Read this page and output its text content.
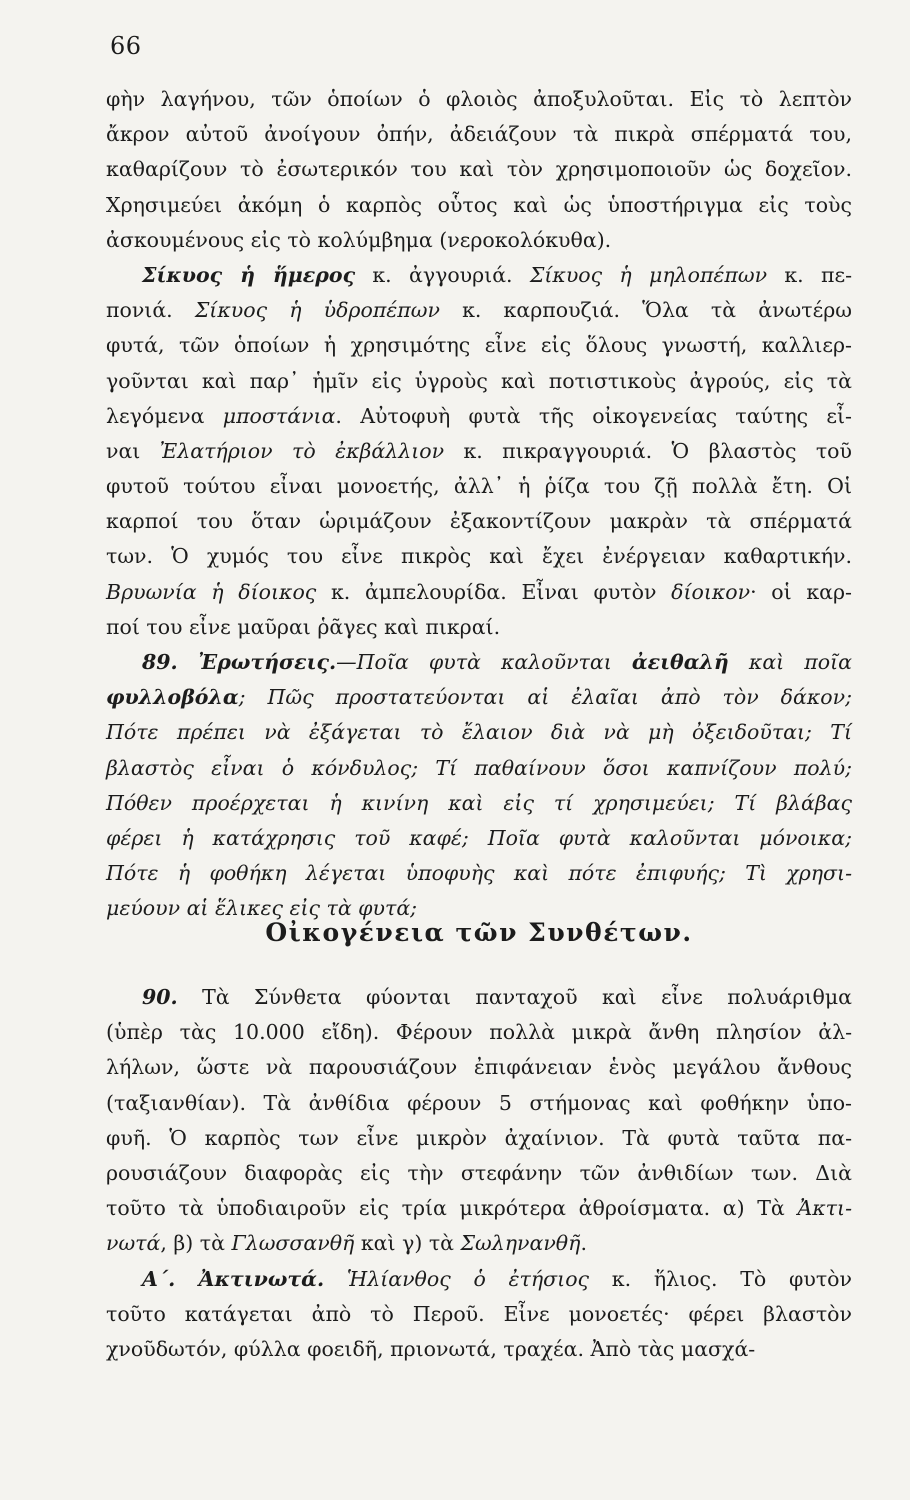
66
φὴν λαγήνου, τῶν ὁποίων ὁ φλοιὸς ἀποξυλοῦται. Εἰς τὸ λεπτὸν
ἄκρον αὐτοῦ ἀνοίγουν ὀπήν, ἀδειάζουν τὰ πικρὰ σπέρματά του,
καθαρίζουν τὸ ἐσωτερικόν του καὶ τὸν χρησιμοποιοῦν ὡς δοχεῖον.
Χρησιμεύει ἀκόμη ὁ καρπὸς οὗτος καὶ ὡς ὑποστήριγμα εἰς τοὺς
ἀσκουμένους εἰς τὸ κολύμβημα (νεροκολόκυθα).
Σίκυος ἡ ἥμερος κ. ἀγγουριά. Σίκυος ἡ μηλοπέπων κ. πε-
πονιά. Σίκυος ἡ ὑδροπέπων κ. καρπουζιά. Ὅλα τὰ ἀνωτέρω
φυτά, τῶν ὁποίων ἡ χρησιμότης εἶνε εἰς ὅλους γνωστή, καλλιερ-
γοῦνται καὶ παρ᾽ ἡμῖν εἰς ὑγροὺς καὶ ποτιστικοὺς ἀγρούς, εἰς τὰ
λεγόμενα μποστάνια. Αὐτοφυὴ φυτὰ τῆς οἰκογενείας ταύτης εἶ-
ναι Ἐλατήριον τὸ ἐκβάλλιον κ. πικραγγουριά. Ὁ βλαστὸς τοῦ
φυτοῦ τούτου εἶναι μονοετής, ἀλλ᾽ ἡ ῥίζα του ζῇ πολλὰ ἔτη. Οἱ
καρποί του ὅταν ὡριμάζουν ἐξακοντίζουν μακρὰν τὰ σπέρματά
των. Ὁ χυμός του εἶνε πικρὸς καὶ ἔχει ἐνέργειαν καθαρτικήν.
Βρυωνία ἡ δίοικος κ. ἀμπελουρίδα. Εἶναι φυτὸν δίοικον· οἱ καρ-
ποί του εἶνε μαῦραι ῥᾶγες καὶ πικραί.
89. Ἐρωτήσεις.—Ποῖα φυτὰ καλοῦνται ἀειθαλῆ καὶ ποῖα
φυλλοβόλα; Πῶς προστατεύονται αἱ ἐλαῖαι ἀπὸ τὸν δάκον;
Πότε πρέπει νὰ ἐξάγεται τὸ ἔλαιον διὰ νὰ μὴ ὀξειδοῦται; Τί
βλαστὸς εἶναι ὁ κόνδυλος; Τί παθαίνουν ὅσοι καπνίζουν πολύ;
Πόθεν προέρχεται ἡ κινίνη καὶ εἰς τί χρησιμεύει; Τί βλάβας
φέρει ἡ κατάχρησις τοῦ καφέ; Ποῖα φυτὰ καλοῦνται μόνοικα;
Πότε ἡ φοθήκη λέγεται ὑποφυὴς καὶ πότε ἐπιφυής; Τὶ χρησι-
μεύουν αἱ ἕλικες εἰς τὰ φυτά;
Οἰκογένεια τῶν Συνθέτων.
90. Τὰ Σύνθετα φύονται πανταχοῦ καὶ εἶνε πολυάριθμα
(ὑπὲρ τὰς 10.000 εἴδη). Φέρουν πολλὰ μικρὰ ἄνθη πλησίον ἀλ-
λήλων, ὥστε νὰ παρουσιάζουν ἐπιφάνειαν ἑνὸς μεγάλου ἄνθους
(ταξιανθίαν). Τὰ ἀνθίδια φέρουν 5 στήμονας καὶ φοθήκην ὑπο-
φυῆ. Ὁ καρπὸς των εἶνε μικρὸν ἀχαίνιον. Τὰ φυτὰ ταῦτα πα-
ρουσιάζουν διαφορὰς εἰς τὴν στεφάνην τῶν ἀνθιδίων των. Διὰ
τοῦτο τὰ ὑποδιαιροῦν εἰς τρία μικρότερα ἀθροίσματα. α) Τὰ Ἀκτι-
νωτά, β) τὰ Γλωσσανθῆ καὶ γ) τὰ Σωληνανθῆ.
Α΄. Ἀκτινωτά. Ἡλίανθος ὁ ἐτήσιος κ. ἥλιος. Τὸ φυτὸν
τοῦτο κατάγεται ἀπὸ τὸ Περοῦ. Εἶνε μονοετές· φέρει βλαστὸν
χνοῦδωτόν, φύλλα φοειδῆ, πριονωτά, τραχέα. Ἀπὸ τὰς μασχά-
